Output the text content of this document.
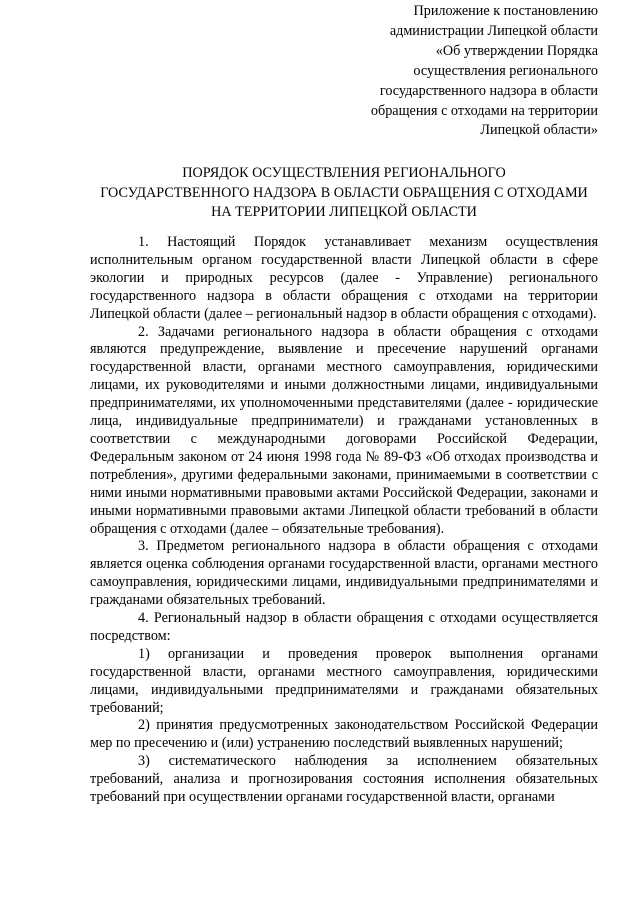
Приложение к постановлению
администрации Липецкой области
«Об утверждении Порядка
осуществления регионального
государственного надзора в области
обращения с отходами на территории
Липецкой области»
ПОРЯДОК ОСУЩЕСТВЛЕНИЯ РЕГИОНАЛЬНОГО
ГОСУДАРСТВЕННОГО НАДЗОРА В ОБЛАСТИ ОБРАЩЕНИЯ С ОТХОДАМИ
НА ТЕРРИТОРИИ ЛИПЕЦКОЙ ОБЛАСТИ

1. Настоящий Порядок устанавливает механизм осуществления исполнительным органом государственной власти Липецкой области в сфере экологии и природных ресурсов (далее - Управление) регионального государственного надзора в области обращения с отходами на территории Липецкой области (далее – региональный надзор в области обращения с отходами).

2. Задачами регионального надзора в области обращения с отходами являются предупреждение, выявление и пресечение нарушений органами государственной власти, органами местного самоуправления, юридическими лицами, их руководителями и иными должностными лицами, индивидуальными предпринимателями, их уполномоченными представителями (далее - юридические лица, индивидуальные предприниматели) и гражданами установленных в соответствии с международными договорами Российской Федерации, Федеральным законом от 24 июня 1998 года № 89-ФЗ «Об отходах производства и потребления», другими федеральными законами, принимаемыми в соответствии с ними иными нормативными правовыми актами Российской Федерации, законами и иными нормативными правовыми актами Липецкой области требований в области обращения с отходами (далее – обязательные требования).

3. Предметом регионального надзора в области обращения с отходами является оценка соблюдения органами государственной власти, органами местного самоуправления, юридическими лицами, индивидуальными предпринимателями и гражданами обязательных требований.

4. Региональный надзор в области обращения с отходами осуществляется посредством:

1) организации и проведения проверок выполнения органами государственной власти, органами местного самоуправления, юридическими лицами, индивидуальными предпринимателями и гражданами обязательных требований;

2) принятия предусмотренных законодательством Российской Федерации мер по пресечению и (или) устранению последствий выявленных нарушений;

3) систематического наблюдения за исполнением обязательных требований, анализа и прогнозирования состояния исполнения обязательных требований при осуществлении органами государственной власти, органами
